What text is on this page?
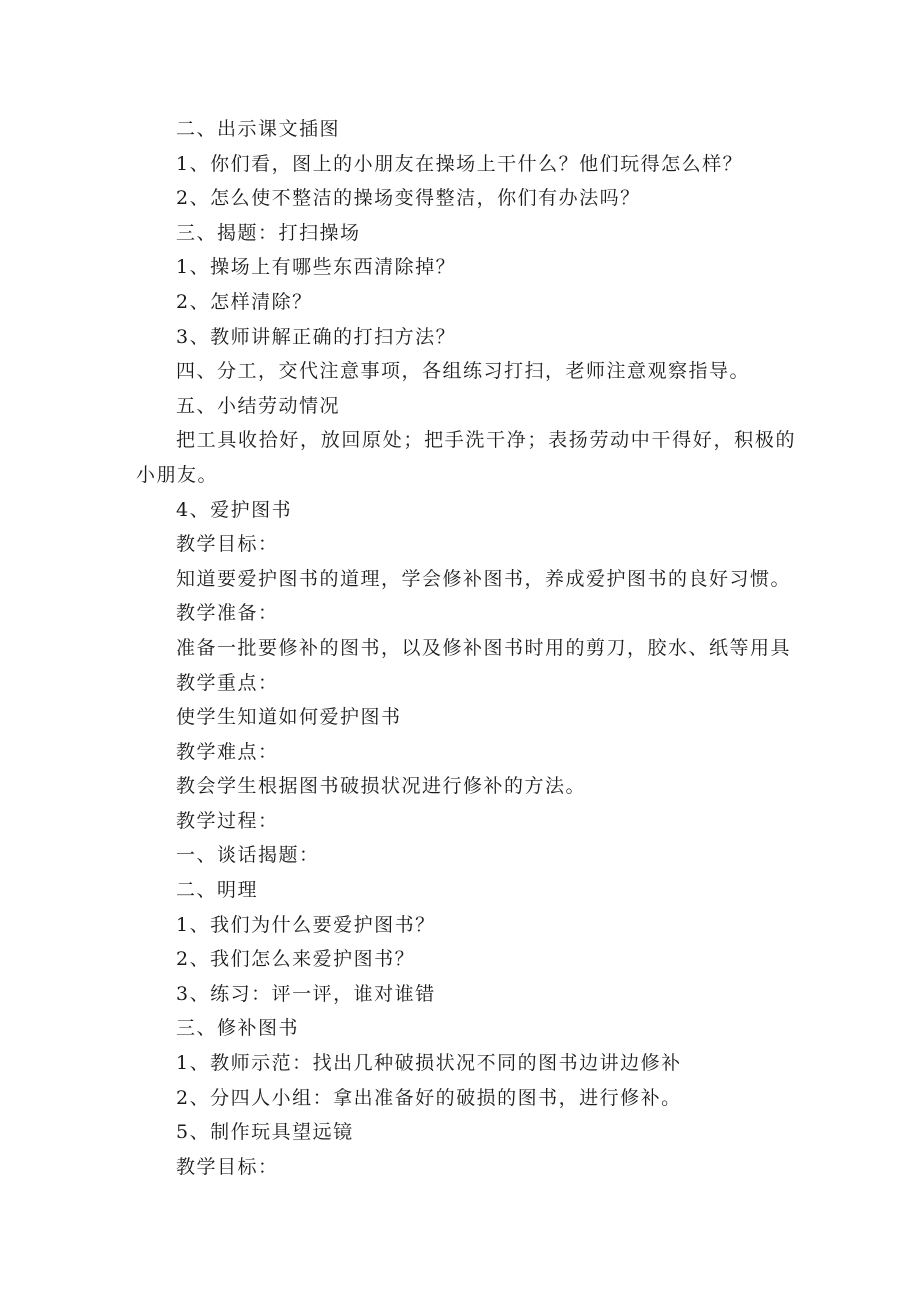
二、出示课文插图
1、你们看，图上的小朋友在操场上干什么？他们玩得怎么样？
2、怎么使不整洁的操场变得整洁，你们有办法吗？
三、揭题：打扫操场
1、操场上有哪些东西清除掉？
2、怎样清除？
3、教师讲解正确的打扫方法？
四、分工，交代注意事项，各组练习打扫，老师注意观察指导。
五、小结劳动情况
把工具收拾好，放回原处；把手洗干净；表扬劳动中干得好，积极的小朋友。
4、爱护图书
教学目标：
知道要爱护图书的道理，学会修补图书，养成爱护图书的良好习惯。
教学准备：
准备一批要修补的图书，以及修补图书时用的剪刀，胶水、纸等用具
教学重点：
使学生知道如何爱护图书
教学难点：
教会学生根据图书破损状况进行修补的方法。
教学过程：
一、谈话揭题：
二、明理
1、我们为什么要爱护图书？
2、我们怎么来爱护图书？
3、练习：评一评，谁对谁错
三、修补图书
1、教师示范：找出几种破损状况不同的图书边讲边修补
2、分四人小组：拿出准备好的破损的图书，进行修补。
5、制作玩具望远镜
教学目标：
